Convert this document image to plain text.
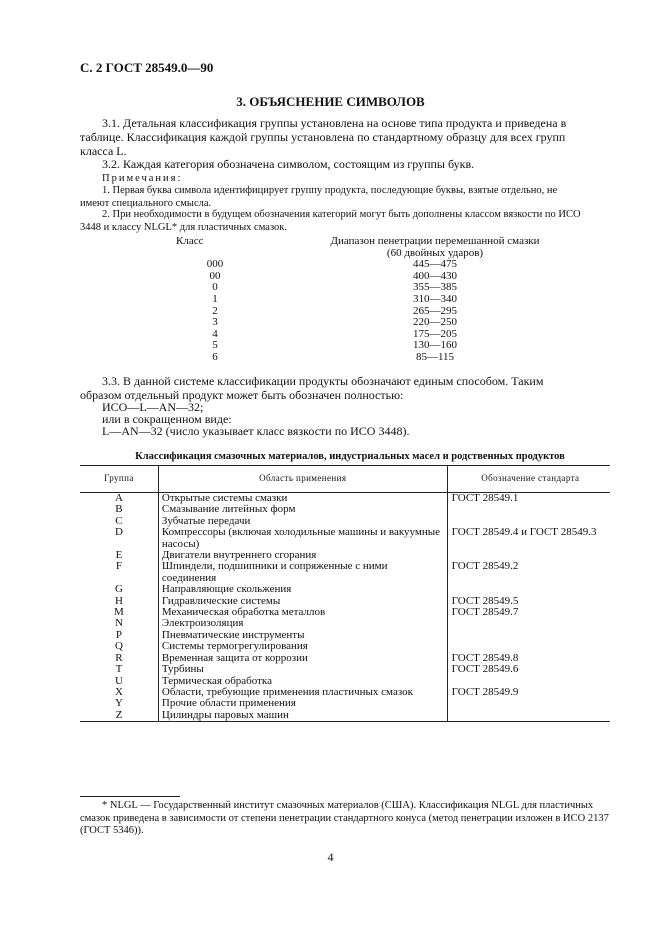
С. 2 ГОСТ 28549.0—90
3. ОБЪЯСНЕНИЕ СИМВОЛОВ
3.1. Детальная классификация группы установлена на основе типа продукта и приведена в таблице. Классификация каждой группы установлена по стандартному образцу для всех групп класса L.
3.2. Каждая категория обозначена символом, состоящим из группы букв.
Примечания:
1. Первая буква символа идентифицирует группу продукта, последующие буквы, взятые отдельно, не имеют специального смысла.
2. При необходимости в будущем обозначения категорий могут быть дополнены классом вязкости по ИСО 3448 и классу NLGL* для пластичных смазок.
Класс	Диапазон пенетрации перемешанной смазки
(60 двойных ударов)
000	445—475
00	400—430
0	355—385
1	310—340
2	265—295
3	220—250
4	175—205
5	130—160
6	85—115
3.3. В данной системе классификации продукты обозначают единым способом. Таким образом отдельный продукт может быть обозначен полностью:
ИСО—L—AN—32;
или в сокращенном виде:
L—AN—32 (число указывает класс вязкости по ИСО 3448).
Классификация смазочных материалов, индустриальных масел и родственных продуктов
Группа	Область применения	Обозначение стандарта
A	Открытые системы смазки	ГОСТ 28549.1
B	Смазывание литейных форм	
C	Зубчатые передачи	
D	Компрессоры (включая холодильные машины и вакуумные насосы)	ГОСТ 28549.4 и ГОСТ 28549.3
E	Двигатели внутреннего сгорания	
F	Шпиндели, подшипники и сопряженные с ними соединения	ГОСТ 28549.2
G	Направляющие скольжения	
H	Гидравлические системы	ГОСТ 28549.5
M	Механическая обработка металлов	ГОСТ 28549.7
N	Электроизоляция	
P	Пневматические инструменты	
Q	Системы термогрегулирования	
R	Временная защита от коррозии	ГОСТ 28549.8
T	Турбины	ГОСТ 28549.6
U	Термическая обработка	
X	Области, требующие применения пластичных смазок	ГОСТ 28549.9
Y	Прочие области применения	
Z	Цилиндры паровых машин	
* NLGL — Государственный институт смазочных материалов (США). Классификация NLGL для пластичных смазок приведена в зависимости от степени пенетрации стандартного конуса (метод пенетрации изложен в ИСО 2137 (ГОСТ 5346)).
4
